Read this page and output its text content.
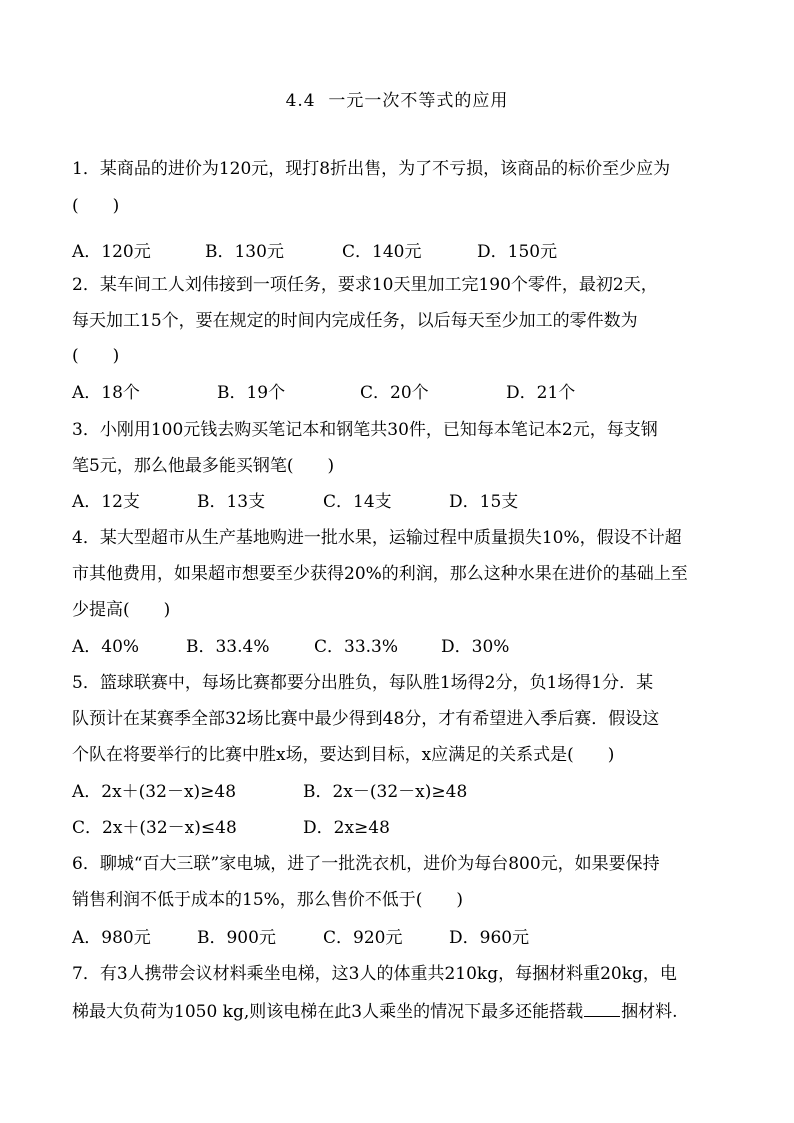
4.4  一元一次不等式的应用
1．某商品的进价为120元，现打8折出售，为了不亏损，该商品的标价至少应为
(　　)
A．120元	B．130元	C．140元	D．150元
2．某车间工人刘伟接到一项任务，要求10天里加工完190个零件，最初2天，
每天加工15个，要在规定的时间内完成任务，以后每天至少加工的零件数为
(　　)
A．18个	B．19个	C．20个	D．21个
3．小刚用100元钱去购买笔记本和钢笔共30件，已知每本笔记本2元，每支钢
笔5元，那么他最多能买钢笔(　　)
A．12支	B．13支	C．14支	D．15支
4．某大型超市从生产基地购进一批水果，运输过程中质量损失10%，假设不计超
市其他费用，如果超市想要至少获得20%的利润，那么这种水果在进价的基础上至
少提高(　　)
A．40%	B．33.4%	C．33.3%	D．30%
5．篮球联赛中，每场比赛都要分出胜负，每队胜1场得2分，负1场得1分．某
队预计在某赛季全部32场比赛中最少得到48分，才有希望进入季后赛．假设这
个队在将要举行的比赛中胜x场，要达到目标，x应满足的关系式是(　　)
A．2x＋(32－x)≥48	B．2x－(32－x)≥48
C．2x＋(32－x)≤48	D．2x≥48
6．聊城“百大三联”家电城，进了一批洗衣机，进价为每台800元，如果要保持
销售利润不低于成本的15%，那么售价不低于(　　)
A．980元	B．900元	C．920元	D．960元
7．有3人携带会议材料乘坐电梯，这3人的体重共210kg，每捆材料重20kg，电
梯最大负荷为1050 kg,则该电梯在此3人乘坐的情况下最多还能搭载 捆材料.
